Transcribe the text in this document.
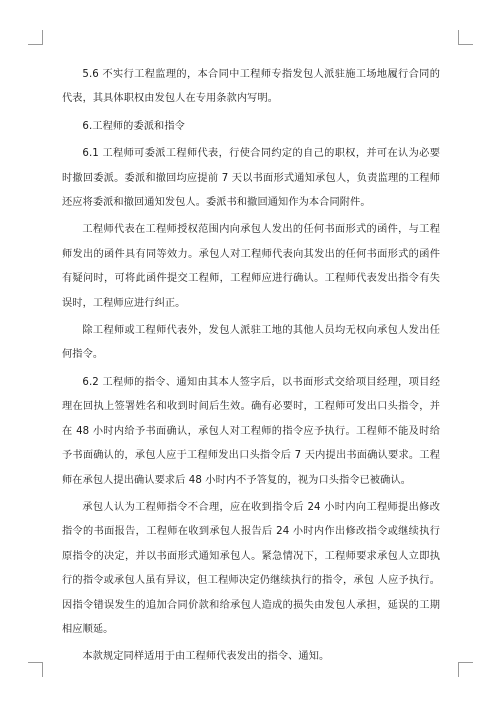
5.6 不实行工程监理的，本合同中工程师专指发包人派驻施工场地履行合同的代表，其具体职权由发包人在专用条款内写明。

6.工程师的委派和指令

6.1 工程师可委派工程师代表，行使合同约定的自己的职权，并可在认为必要时撤回委派。委派和撤回均应提前 7 天以书面形式通知承包人，负责监理的工程师还应将委派和撤回通知发包人。委派书和撤回通知作为本合同附件。

工程师代表在工程师授权范围内向承包人发出的任何书面形式的函件，与工程师发出的函件具有同等效力。承包人对工程师代表向其发出的任何书面形式的函件有疑问时，可将此函件提交工程师，工程师应进行确认。工程师代表发出指令有失误时，工程师应进行纠正。

除工程师或工程师代表外，发包人派驻工地的其他人员均无权向承包人发出任何指令。

6.2 工程师的指令、通知由其本人签字后，以书面形式交给项目经理，项目经理在回执上签署姓名和收到时间后生效。确有必要时，工程师可发出口头指令，并在 48 小时内给予书面确认，承包人对工程师的指令应予执行。工程师不能及时给予书面确认的，承包人应于工程师发出口头指令后 7 天内提出书面确认要求。工程师在承包人提出确认要求后 48 小时内不予答复的，视为口头指令已被确认。

承包人认为工程师指令不合理，应在收到指令后 24 小时内向工程师提出修改指令的书面报告，工程师在收到承包人报告后 24 小时内作出修改指令或继续执行原指令的决定，并以书面形式通知承包人。紧急情况下，工程师要求承包人立即执行的指令或承包人虽有异议，但工程师决定仍继续执行的指令，承包 人应予执行。因指令错误发生的追加合同价款和给承包人造成的损失由发包人承担，延误的工期相应顺延。

本款规定同样适用于由工程师代表发出的指令、通知。
